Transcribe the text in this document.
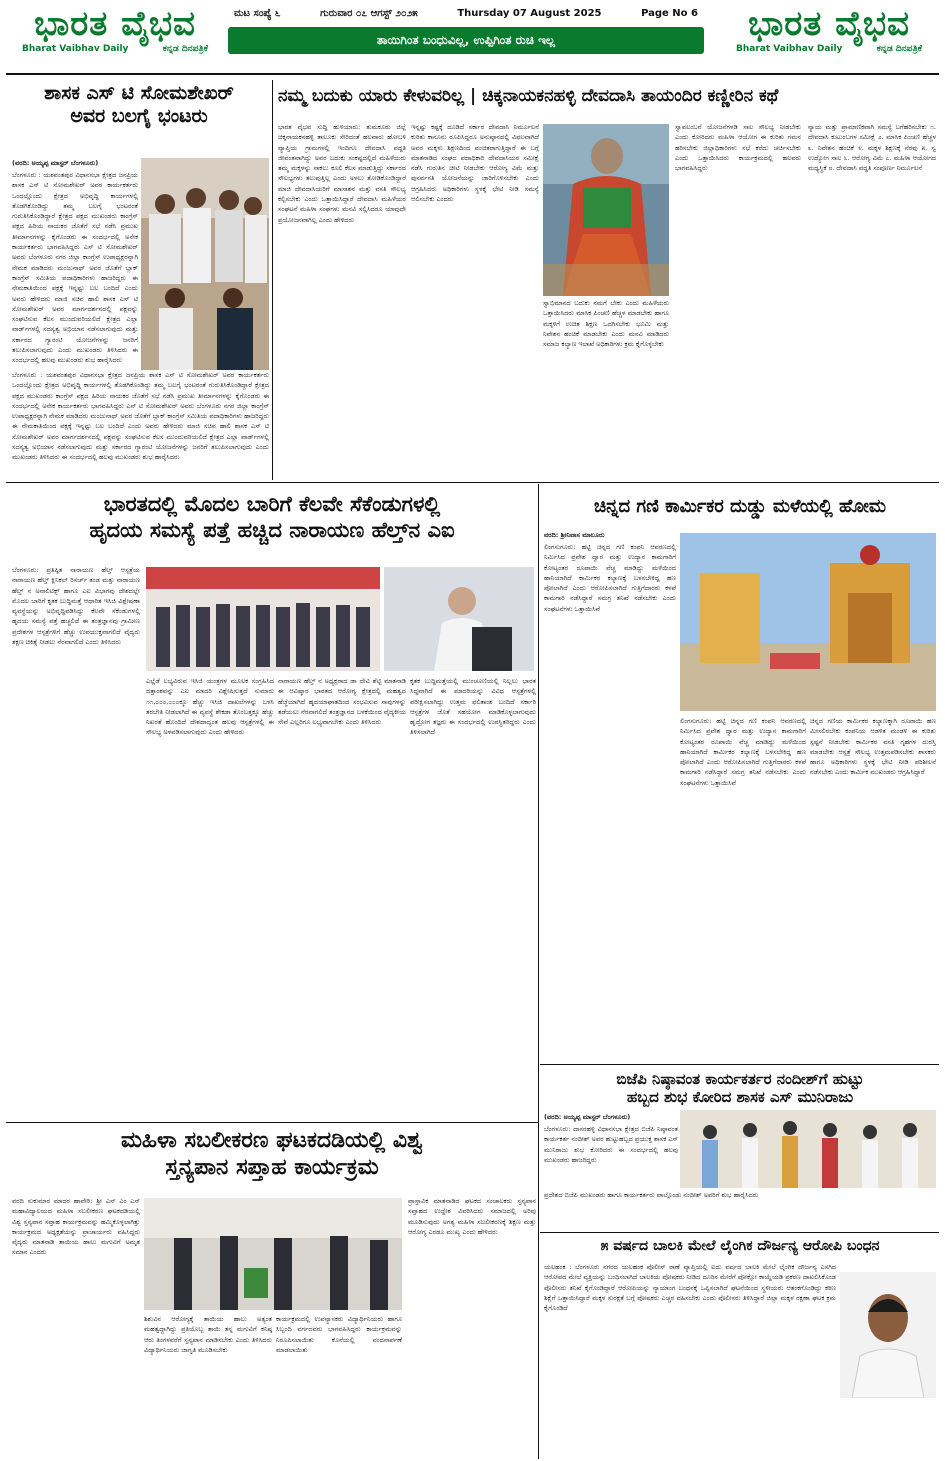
ಭಾರತ ವೈಭವ
Bharat Vaibhav Daily	ಕನ್ನಡ ದಿನಪತ್ರಿಕೆ
ಮಟ ಸಂಪ್ಯೆ ೬	ಗುರುವಾರ ೦೭ ಆಗಸ್ಟ್ ೨೦೨೫	Thursday 07 August 2025	Page No 6
ತಾಯಿಗಿಂತ ಬಂಧುವಿಲ್ಲ, ಉಪ್ಪಿಗಿಂತ ರುಚಿ ಇಲ್ಲ	ಭಾರತ ವೈಭವ
Bharat Vaibhav Daily	ಕನ್ನಡ ದಿನಪತ್ರಿಕೆ
ಶಾಸಕ ಎಸ್ ಟಿ ಸೋಮಶೇಖರ್
ಅವರ ಬಲಗೈ ಭಂಟರು
(ವರದಿ: ಅಯ್ಯಪ್ಪ ಮಾಸ್ಟರ್ ಬೆಂಗಳೂರು)

ಬೆಂಗಳೂರು : ಯಶವಂತಪುರ ವಿಧಾನಸಭಾ ಕ್ಷೇತ್ರದ ಜನಪ್ರಿಯ ಶಾಸಕ ಎಸ್ ಟಿ ಸೋಮಶೇಖರ್ ಅವರ ಕಾರ್ಯಕರ್ತರು ಒಂದಲ್ಲೊಂದು ಕ್ಷೇತ್ರದ ಅಭಿವೃದ್ಧಿ ಕಾರ್ಯಗಳಲ್ಲಿ ತೊಡಗಿಕೊಂಡಿದ್ದು ತಮ್ಮ ಬಲಗೈ ಭಂಟರಂತೆ ಗುರುತಿಸಿಕೊಂಡಿದ್ದಾರೆ ಕ್ಷೇತ್ರದ ಪಕ್ಷದ ಮುಖಂಡರು ಕಾಂಗ್ರೆಸ್ ಪಕ್ಷದ ಹಿರಿಯ ನಾಯಕರ ಜೊತೆಗೆ ಸಭೆ ನಡೆಸಿ ಪ್ರಮುಖ ತೀರ್ಮಾನಗಳನ್ನು ಕೈಗೊಂಡರು ಈ ಸಂದರ್ಭದಲ್ಲಿ ಅನೇಕ ಕಾರ್ಯಕರ್ತರು ಭಾಗವಹಿಸಿದ್ದರು ಎಸ್ ಟಿ ಸೋಮಶೇಖರ್ ಅವರು ಬೆಂಗಳೂರು ನಗರ ಜಿಲ್ಲಾ ಕಾಂಗ್ರೆಸ್ ಉಪಾಧ್ಯಕ್ಷರನ್ನಾಗಿ ನೇಮಕ ಮಾಡಿದರು ಮಂಜುನಾಥ್ ಅವರ ಜೊತೆಗೆ ಬ್ಲಾಕ್ ಕಾಂಗ್ರೆಸ್ ಸಮಿತಿಯ ಪದಾಧಿಕಾರಿಗಳು ಹಾಜರಿದ್ದರು ಈ ನೇಮಕಾತಿಯಿಂದ ಪಕ್ಷಕ್ಕೆ ಇನ್ನಷ್ಟು ಬಲ ಬಂದಿದೆ ಎಂದು ಅವರು ಹೇಳಿದರು ಮಾಜಿ ಸಚಿವ ಹಾಲಿ ಶಾಸಕ ಎಸ್ ಟಿ ಸೋಮಶೇಖರ್ ಅವರ ಮಾರ್ಗದರ್ಶನದಲ್ಲಿ ಪಕ್ಷವನ್ನು ಸಂಘಟಿಸುವ ಕೆಲಸ ಮುಂದುವರಿಯಲಿದೆ ಕ್ಷೇತ್ರದ ಎಲ್ಲಾ ವಾರ್ಡ್‌ಗಳಲ್ಲಿ ಸದಸ್ಯತ್ವ ಅಭಿಯಾನ ನಡೆಸಲಾಗುವುದು ಮತ್ತು ಸರ್ಕಾರದ ಗ್ಯಾರಂಟಿ ಯೋಜನೆಗಳನ್ನು ಜನರಿಗೆ ತಲುಪಿಸಲಾಗುವುದು ಎಂದು ಮುಖಂಡರು ತಿಳಿಸಿದರು ಈ ಸಂದರ್ಭದಲ್ಲಿ ಹಲವು ಮುಖಂಡರು ಶುಭ ಹಾರೈಸಿದರು

ಬೆಂಗಳೂರು : ಯಶವಂತಪುರ ವಿಧಾನಸಭಾ ಕ್ಷೇತ್ರದ ಜನಪ್ರಿಯ ಶಾಸಕ ಎಸ್ ಟಿ ಸೋಮಶೇಖರ್ ಅವರ ಕಾರ್ಯಕರ್ತರು ಒಂದಲ್ಲೊಂದು ಕ್ಷೇತ್ರದ ಅಭಿವೃದ್ಧಿ ಕಾರ್ಯಗಳಲ್ಲಿ ತೊಡಗಿಕೊಂಡಿದ್ದು ತಮ್ಮ ಬಲಗೈ ಭಂಟರಂತೆ ಗುರುತಿಸಿಕೊಂಡಿದ್ದಾರೆ ಕ್ಷೇತ್ರದ ಪಕ್ಷದ ಮುಖಂಡರು ಕಾಂಗ್ರೆಸ್ ಪಕ್ಷದ ಹಿರಿಯ ನಾಯಕರ ಜೊತೆಗೆ ಸಭೆ ನಡೆಸಿ ಪ್ರಮುಖ ತೀರ್ಮಾನಗಳನ್ನು ಕೈಗೊಂಡರು ಈ ಸಂದರ್ಭದಲ್ಲಿ ಅನೇಕ ಕಾರ್ಯಕರ್ತರು ಭಾಗವಹಿಸಿದ್ದರು ಎಸ್ ಟಿ ಸೋಮಶೇಖರ್ ಅವರು ಬೆಂಗಳೂರು ನಗರ ಜಿಲ್ಲಾ ಕಾಂಗ್ರೆಸ್ ಉಪಾಧ್ಯಕ್ಷರನ್ನಾಗಿ ನೇಮಕ ಮಾಡಿದರು ಮಂಜುನಾಥ್ ಅವರ ಜೊತೆಗೆ ಬ್ಲಾಕ್ ಕಾಂಗ್ರೆಸ್ ಸಮಿತಿಯ ಪದಾಧಿಕಾರಿಗಳು ಹಾಜರಿದ್ದರು ಈ ನೇಮಕಾತಿಯಿಂದ ಪಕ್ಷಕ್ಕೆ ಇನ್ನಷ್ಟು ಬಲ ಬಂದಿದೆ ಎಂದು ಅವರು ಹೇಳಿದರು ಮಾಜಿ ಸಚಿವ ಹಾಲಿ ಶಾಸಕ ಎಸ್ ಟಿ ಸೋಮಶೇಖರ್ ಅವರ ಮಾರ್ಗದರ್ಶನದಲ್ಲಿ ಪಕ್ಷವನ್ನು ಸಂಘಟಿಸುವ ಕೆಲಸ ಮುಂದುವರಿಯಲಿದೆ ಕ್ಷೇತ್ರದ ಎಲ್ಲಾ ವಾರ್ಡ್‌ಗಳಲ್ಲಿ ಸದಸ್ಯತ್ವ ಅಭಿಯಾನ ನಡೆಸಲಾಗುವುದು ಮತ್ತು ಸರ್ಕಾರದ ಗ್ಯಾರಂಟಿ ಯೋಜನೆಗಳನ್ನು ಜನರಿಗೆ ತಲುಪಿಸಲಾಗುವುದು ಎಂದು ಮುಖಂಡರು ತಿಳಿಸಿದರು ಈ ಸಂದರ್ಭದಲ್ಲಿ ಹಲವು ಮುಖಂಡರು ಶುಭ ಹಾರೈಸಿದರು

ನಮ್ಮ ಬದುಕು ಯಾರು ಕೇಳುವರಿಲ್ಲ | ಚಿಕ್ಕನಾಯಕನಹಳ್ಳಿ ದೇವದಾಸಿ ತಾಯಂದಿರ ಕಣ್ಣೀರಿನ ಕಥೆ

ಭಾರತ ವೈಭವ ಸುದ್ದಿ ಹುಳಿಯಾರು: ತುಮಕೂರು ಜಿಲ್ಲೆ ಚಿಕ್ಕನಾಯಕನಹಳ್ಳಿ ತಾಲೂಕು ಸೇರಿದಂತೆ ಹಲವಾರು ಹೋಬಳಿ ವ್ಯಾಪ್ತಿಯ ಗ್ರಾಮಗಳಲ್ಲಿ ಇಂದಿಗೂ ದೇವದಾಸಿ ಪದ್ಧತಿ ಜೀವಂತವಾಗಿದ್ದು ಅವರ ಬದುಕು ಸಂಕಷ್ಟದಲ್ಲಿದೆ ಮಹಿಳೆಯರು ತಮ್ಮ ಮಕ್ಕಳನ್ನು ಸಾಕಲು ಕೂಲಿ ಕೆಲಸ ಮಾಡುತ್ತಿದ್ದು ಸರ್ಕಾರದ ಸೌಲಭ್ಯಗಳು ತಲುಪುತ್ತಿಲ್ಲ ಎಂದು ಅಳಲು ತೋಡಿಕೊಂಡಿದ್ದಾರೆ ಮಾಜಿ ದೇವದಾಸಿಯರಿಗೆ ಮಾಸಾಶನ ಮತ್ತು ವಸತಿ ಸೌಲಭ್ಯ ಕಲ್ಪಿಸಬೇಕು ಎಂದು ಒತ್ತಾಯಿಸಿದ್ದಾರೆ ದೇವದಾಸಿ ಮಹಿಳೆಯರ ಸಂಘಟನೆ ಮಹಿಳಾ ಸಂಘಗಳು ಮನವಿ ಸಲ್ಲಿಸಿದರೂ ಯಾವುದೇ ಪ್ರಯೋಜನವಾಗಿಲ್ಲ ಎಂದು ಹೇಳಿದರು

ಇನ್ನಷ್ಟು ಕಷ್ಟಕ್ಕೆ ದೂಡಿದೆ ಸರ್ಕಾರ ದೇವದಾಸಿ ನಿರ್ಮೂಲನೆ ಕುರಿತು ಕಾನೂನು ರೂಪಿಸಿದ್ದರೂ ಅನುಷ್ಠಾನದಲ್ಲಿ ವಿಫಲವಾಗಿದೆ ಅವರ ಮಕ್ಕಳು ಶಿಕ್ಷಣದಿಂದ ವಂಚಿತರಾಗುತ್ತಿದ್ದಾರೆ ಈ ಬಗ್ಗೆ ಮಾತನಾಡಿದ ಸಂಘದ ಪದಾಧಿಕಾರಿ ದೇವದಾಸಿಯರ ಸಮೀಕ್ಷೆ ನಡೆಸಿ ಗುರುತಿನ ಚೀಟಿ ನೀಡಬೇಕು ಆರೋಗ್ಯ ವಿಮೆ ಮತ್ತು ಪುನರ್ವಸತಿ ಯೋಜನೆಯನ್ನು ಜಾರಿಗೊಳಿಸಬೇಕು ಎಂದು ಆಗ್ರಹಿಸಿದರು ಅಧಿಕಾರಿಗಳು ಸ್ಥಳಕ್ಕೆ ಭೇಟಿ ನೀಡಿ ಸಮಸ್ಯೆ ಆಲಿಸಬೇಕು ಎಂದರು

ಸ್ವಾಭಿಮಾನದ ಬದುಕು ನಮಗೆ ಬೇಕು ಎಂದು ಮಹಿಳೆಯರು ಒತ್ತಾಯಿಸಿದರು ಮಾಸಿಕ ಪಿಂಚಣಿ ಹೆಚ್ಚಳ ಮಾಡಬೇಕು ಹಾಗೂ ಮಕ್ಕಳಿಗೆ ಉಚಿತ ಶಿಕ್ಷಣ ಒದಗಿಸಬೇಕು ಭೂಮಿ ಮತ್ತು ನಿವೇಶನ ಹಂಚಿಕೆ ಮಾಡಬೇಕು ಎಂದು ಮನವಿ ಮಾಡಿದರು ಸಮಾಜ ಕಲ್ಯಾಣ ಇಲಾಖೆ ಅಧಿಕಾರಿಗಳು ಕ್ರಮ ಕೈಗೊಳ್ಳಬೇಕು

ಸ್ವಾವಲಂಬನೆ ಯೋಜನೆಗಳಡಿ ಸಾಲ ಸೌಲಭ್ಯ ನೀಡಬೇಕು ಎಂದು ಕೋರಿದರು ಮಹಿಳಾ ಆಯೋಗ ಈ ಕುರಿತು ಗಮನ ಹರಿಸಬೇಕು ಜಿಲ್ಲಾಧಿಕಾರಿಗಳು ಸಭೆ ಕರೆದು ಚರ್ಚಿಸಬೇಕು ಎಂದು ಒತ್ತಾಯಿಸಿದರು ಕಾರ್ಯಕ್ರಮದಲ್ಲಿ ಹಲವರು ಭಾಗವಹಿಸಿದ್ದರು

ನ್ಯಾಯ ಮತ್ತು ಪ್ರಾಮಾಣಿಕವಾಗಿ ಸಮಸ್ಯೆ ಬಗೆಹರಿಸಬೇಕು ೧. ದೇವದಾಸಿ ಕುಟುಂಬಗಳ ಸಮೀಕ್ಷೆ ೨. ಮಾಸಿಕ ಪಿಂಚಣಿ ಹೆಚ್ಚಳ ೩. ನಿವೇಶನ ಹಂಚಿಕೆ ೪. ಮಕ್ಕಳ ಶಿಕ್ಷಣಕ್ಕೆ ನೆರವು ೫. ಸ್ವ ಉದ್ಯೋಗ ಸಾಲ ೬. ಆರೋಗ್ಯ ವಿಮೆ ೭. ಮಹಿಳಾ ಆಯೋಗದ ಮಧ್ಯಸ್ಥಿಕೆ ೮. ದೇವದಾಸಿ ಪದ್ಧತಿ ಸಂಪೂರ್ಣ ನಿರ್ಮೂಲನೆ

ಭಾರತದಲ್ಲಿ ಮೊದಲ ಬಾರಿಗೆ ಕೆಲವೇ ಸೆಕೆಂಡುಗಳಲ್ಲಿ
ಹೃದಯ ಸಮಸ್ಯೆ ಪತ್ತೆ ಹಚ್ಚಿದ ನಾರಾಯಣ ಹೆಲ್ತ್‌ನ ಎಐ

ಬೆಂಗಳೂರು: ಪ್ರತಿಷ್ಠಿತ ನಾರಾಯಣ ಹೆಲ್ತ್ ಆಸ್ಪತ್ರೆಯ ನಾರಾಯಣ ಹೆಲ್ತ್ ಕ್ಲಿನಿಕಲ್ ರಿಸರ್ಚ್ ತಂಡ ಮತ್ತು ನಾರಾಯಣ ಹೆಲ್ತ್ ನ ಅನಾಲಿಟಿಕ್ಸ್ ಹಾಗೂ ಎಐ ವಿಭಾಗವು ದೇಶದಲ್ಲೇ ಮೊದಲ ಬಾರಿಗೆ ಕೃತಕ ಬುದ್ಧಿಮತ್ತೆ ಆಧಾರಿತ ಇಸಿಜಿ ವಿಶ್ಲೇಷಣಾ ವ್ಯವಸ್ಥೆಯನ್ನು ಅಭಿವೃದ್ಧಿಪಡಿಸಿದ್ದು ಕೆಲವೇ ಸೆಕೆಂಡುಗಳಲ್ಲಿ ಹೃದಯ ಸಮಸ್ಯೆ ಪತ್ತೆ ಹಚ್ಚಲಿದೆ ಈ ತಂತ್ರಜ್ಞಾನವು ಗ್ರಾಮೀಣ ಪ್ರದೇಶಗಳ ಆಸ್ಪತ್ರೆಗಳಿಗೆ ಹೆಚ್ಚು ಉಪಯುಕ್ತವಾಗಲಿದೆ ವೈದ್ಯರು ತಕ್ಷಣ ಚಿಕಿತ್ಸೆ ನೀಡಲು ನೆರವಾಗಲಿದೆ ಎಂದು ತಿಳಿಸಿದರು

ಎಲ್ಲೆಡೆ ಲಭ್ಯವಿರುವ ಇಸಿಜಿ ಯಂತ್ರಗಳ ಮೂಲಕ ಸಂಗ್ರಹಿಸಿದ ದತ್ತಾಂಶವನ್ನು ಎಐ ಮಾದರಿ ವಿಶ್ಲೇಷಿಸುತ್ತದೆ ಸುಮಾರು ೧೧,೦೦೦,೦೦೦ಕ್ಕೂ ಹೆಚ್ಚು ಇಸಿಜಿ ದಾಖಲೆಗಳನ್ನು ಬಳಸಿ ತರಬೇತಿ ನೀಡಲಾಗಿದೆ ಈ ವ್ಯವಸ್ಥೆ ಶೇಕಡಾ ತೊಂಬತ್ತಕ್ಕೂ ಹೆಚ್ಚು ನಿಖರತೆ ಹೊಂದಿದೆ ದೇಶದಾದ್ಯಂತ ಹಲವು ಆಸ್ಪತ್ರೆಗಳಲ್ಲಿ ಈ ಸೌಲಭ್ಯ ಅಳವಡಿಸಲಾಗುವುದು ಎಂದು ಹೇಳಿದರು

ನಾರಾಯಣ ಹೆಲ್ತ್ ನ ಅಧ್ಯಕ್ಷರಾದ ಡಾ ದೇವಿ ಶೆಟ್ಟಿ ಮಾತನಾಡಿ ಈ ಆವಿಷ್ಕಾರ ಭಾರತದ ಆರೋಗ್ಯ ಕ್ಷೇತ್ರದಲ್ಲಿ ಮಹತ್ವದ ಹೆಜ್ಜೆಯಾಗಿದೆ ಹೃದಯಾಘಾತದಿಂದ ಸಂಭವಿಸುವ ಸಾವುಗಳನ್ನು ತಡೆಯಲು ನೆರವಾಗಲಿದೆ ತಂತ್ರಜ್ಞಾನದ ಬಳಕೆಯಿಂದ ವೈದ್ಯಕೀಯ ಸೇವೆ ಎಲ್ಲರಿಗೂ ಲಭ್ಯವಾಗಬೇಕು ಎಂದು ತಿಳಿಸಿದರು

ಕೃತಕ ಬುದ್ಧಿಮತ್ತೆಯಲ್ಲಿ ಮುಂಚೂಣಿಯಲ್ಲಿ ನಿಲ್ಲಲು ಭಾರತ ಸಿದ್ಧವಾಗಿದೆ ಈ ಮಾದರಿಯನ್ನು ವಿವಿಧ ಆಸ್ಪತ್ರೆಗಳಲ್ಲಿ ಪರೀಕ್ಷಿಸಲಾಗಿದ್ದು ಉತ್ತಮ ಫಲಿತಾಂಶ ಬಂದಿದೆ ಸರ್ಕಾರಿ ಆಸ್ಪತ್ರೆಗಳ ಜೊತೆ ಸಹಯೋಗ ಮಾಡಿಕೊಳ್ಳಲಾಗುವುದು ಹೃದ್ರೋಗ ತಜ್ಞರು ಈ ಸಂದರ್ಭದಲ್ಲಿ ಉಪಸ್ಥಿತರಿದ್ದರು ಎಂದು ತಿಳಿಸಲಾಗಿದೆ

ಚಿನ್ನದ ಗಣಿ ಕಾರ್ಮಿಕರ ದುಡ್ಡು ಮಳೆಯಲ್ಲಿ ಹೋಮ
ವರದಿ: ಶ್ರೀನಿವಾಸ ಮಾಲೂರು

ಲಿಂಗಸುಗೂರು: ಹಟ್ಟಿ ಚಿನ್ನದ ಗಣಿ ಕಂಪನಿ ಆವರಣದಲ್ಲಿ ನಿರ್ಮಿಸಿದ ಪ್ರವೇಶ ದ್ವಾರ ಮತ್ತು ಉದ್ಯಾನ ಕಾಮಗಾರಿಗೆ ಕೋಟ್ಯಂತರ ರೂಪಾಯಿ ವೆಚ್ಚ ಮಾಡಿದ್ದು ಮಳೆಯಿಂದ ಹಾನಿಯಾಗಿದೆ ಕಾರ್ಮಿಕರ ಕಲ್ಯಾಣಕ್ಕೆ ಬಳಸಬೇಕಿದ್ದ ಹಣ ಪೋಲಾಗಿದೆ ಎಂದು ಆರೋಪಿಸಲಾಗಿದೆ ಗುತ್ತಿಗೆದಾರರು ಕಳಪೆ ಕಾಮಗಾರಿ ನಡೆಸಿದ್ದಾರೆ ಸಮಗ್ರ ತನಿಖೆ ನಡೆಸಬೇಕು ಎಂದು ಸಂಘಟನೆಗಳು ಒತ್ತಾಯಿಸಿವೆ

ಲಿಂಗಸುಗೂರು: ಹಟ್ಟಿ ಚಿನ್ನದ ಗಣಿ ಕಂಪನಿ ಆವರಣದಲ್ಲಿ ನಿರ್ಮಿಸಿದ ಪ್ರವೇಶ ದ್ವಾರ ಮತ್ತು ಉದ್ಯಾನ ಕಾಮಗಾರಿಗೆ ಕೋಟ್ಯಂತರ ರೂಪಾಯಿ ವೆಚ್ಚ ಮಾಡಿದ್ದು ಮಳೆಯಿಂದ ಹಾನಿಯಾಗಿದೆ ಕಾರ್ಮಿಕರ ಕಲ್ಯಾಣಕ್ಕೆ ಬಳಸಬೇಕಿದ್ದ ಹಣ ಪೋಲಾಗಿದೆ ಎಂದು ಆರೋಪಿಸಲಾಗಿದೆ ಗುತ್ತಿಗೆದಾರರು ಕಳಪೆ ಕಾಮಗಾರಿ ನಡೆಸಿದ್ದಾರೆ ಸಮಗ್ರ ತನಿಖೆ ನಡೆಸಬೇಕು ಎಂದು ಸಂಘಟನೆಗಳು ಒತ್ತಾಯಿಸಿವೆ

ಚಿನ್ನದ ಗಣಿಯ ಕಾರ್ಮಿಕರ ಕಲ್ಯಾಣಕ್ಕಾಗಿ ರೂಪಾಯಿ ಹಣ ಮೀಸಲಿರಬೇಕು ಕಂಪನಿಯ ಆಡಳಿತ ಮಂಡಳಿ ಈ ಕುರಿತು ಸ್ಪಷ್ಟನೆ ನೀಡಬೇಕು ಕಾರ್ಮಿಕರ ವಸತಿ ಗೃಹಗಳ ದುರಸ್ತಿ ಮಾಡಬೇಕು ಆಸ್ಪತ್ರೆ ಸೌಲಭ್ಯ ಉತ್ತಮಪಡಿಸಬೇಕು ಶಾಸಕರು ಹಾಗೂ ಅಧಿಕಾರಿಗಳು ಸ್ಥಳಕ್ಕೆ ಭೇಟಿ ನೀಡಿ ಪರಿಶೀಲನೆ ನಡೆಸಬೇಕು ಎಂದು ಕಾರ್ಮಿಕ ಮುಖಂಡರು ಆಗ್ರಹಿಸಿದ್ದಾರೆ

ಬಿಜೆಪಿ ನಿಷ್ಠಾವಂತ ಕಾರ್ಯಕರ್ತರ ನಂದೀಶ್‌ಗೆ ಹುಟ್ಟು
ಹಬ್ಬದ ಶುಭ ಕೋರಿದ ಶಾಸಕ ಎಸ್ ಮುನಿರಾಜು
(ವರದಿ: ಅಯ್ಯಪ್ಪ ಮಾಸ್ಟರ್ ಬೆಂಗಳೂರು)

ಬೆಂಗಳೂರು: ದಾಸರಹಳ್ಳಿ ವಿಧಾನಸಭಾ ಕ್ಷೇತ್ರದ ಬಿಜೆಪಿ ನಿಷ್ಠಾವಂತ ಕಾರ್ಯಕರ್ತ ನಂದೀಶ್ ಅವರ ಹುಟ್ಟುಹಬ್ಬದ ಪ್ರಯುಕ್ತ ಶಾಸಕ ಎಸ್ ಮುನಿರಾಜು ಶುಭ ಕೋರಿದರು ಈ ಸಂದರ್ಭದಲ್ಲಿ ಹಲವು ಮುಖಂಡರು ಹಾಜರಿದ್ದರು

ಪ್ರದೇಶದ ಬಿಜೆಪಿ ಮುಖಂಡರು ಹಾಗೂ ಕಾರ್ಯಕರ್ತರು ಪಾಲ್ಗೊಂಡು ನಂದೀಶ್ ಅವರಿಗೆ ಶುಭ ಹಾರೈಸಿದರು

೫ ವರ್ಷದ ಬಾಲಕಿ ಮೇಲೆ ಲೈಂಗಿಕ ದೌರ್ಜನ್ಯ ಆರೋಪಿ ಬಂಧನ

ಯಲಹಂಕ : ಬೆಂಗಳೂರು ನಗರದ ಯಲಹಂಕ ಪೊಲೀಸ್ ಠಾಣೆ ವ್ಯಾಪ್ತಿಯಲ್ಲಿ ಐದು ವರ್ಷದ ಬಾಲಕಿ ಮೇಲೆ ಲೈಂಗಿಕ ದೌರ್ಜನ್ಯ ಎಸಗಿದ ಆರೋಪದ ಮೇಲೆ ವ್ಯಕ್ತಿಯನ್ನು ಬಂಧಿಸಲಾಗಿದೆ ಬಾಲಕಿಯ ಪೋಷಕರು ನೀಡಿದ ದೂರಿನ ಮೇರೆಗೆ ಪೋಕ್ಸೋ ಕಾಯ್ದೆಯಡಿ ಪ್ರಕರಣ ದಾಖಲಿಸಿಕೊಂಡ ಪೊಲೀಸರು ತನಿಖೆ ಕೈಗೊಂಡಿದ್ದಾರೆ ಆರೋಪಿಯನ್ನು ನ್ಯಾಯಾಂಗ ಬಂಧನಕ್ಕೆ ಒಪ್ಪಿಸಲಾಗಿದೆ ಘಟನೆಯಿಂದ ಸ್ಥಳೀಯರು ಆತಂಕಗೊಂಡಿದ್ದು ಕಠಿಣ ಶಿಕ್ಷೆಗೆ ಒತ್ತಾಯಿಸಿದ್ದಾರೆ ಮಕ್ಕಳ ಸುರಕ್ಷತೆ ಬಗ್ಗೆ ಪೋಷಕರು ಎಚ್ಚರ ವಹಿಸಬೇಕು ಎಂದು ಪೊಲೀಸರು ತಿಳಿಸಿದ್ದಾರೆ ಜಿಲ್ಲಾ ಮಕ್ಕಳ ರಕ್ಷಣಾ ಘಟಕ ಕ್ರಮ ಕೈಗೊಂಡಿದೆ

ಮಹಿಳಾ ಸಬಲೀಕರಣ ಘಟಕದಡಿಯಲ್ಲಿ ವಿಶ್ವ
ಸ್ತನ್ಯಪಾನ ಸಪ್ತಾಹ ಕಾರ್ಯಕ್ರಮ

ವರದಿ ಸುಕುಮಾರ ಮಾದರ ಹಾವೇರಿ: ಶ್ರೀ ಎಸ್ ಎಂ ಎಸ್ ಮಹಾವಿದ್ಯಾಲಯದ ಮಹಿಳಾ ಸಬಲೀಕರಣ ಘಟಕದಡಿಯಲ್ಲಿ ವಿಶ್ವ ಸ್ತನ್ಯಪಾನ ಸಪ್ತಾಹ ಕಾರ್ಯಕ್ರಮವನ್ನು ಹಮ್ಮಿಕೊಳ್ಳಲಾಗಿತ್ತು ಕಾರ್ಯಕ್ರಮದ ಅಧ್ಯಕ್ಷತೆಯನ್ನು ಪ್ರಾಚಾರ್ಯರು ವಹಿಸಿದ್ದರು ವೈದ್ಯರು ಮಾತನಾಡಿ ತಾಯಿಯ ಹಾಲು ಮಗುವಿಗೆ ಅಮೃತ ಸಮಾನ ಎಂದರು

ಶಿಶುವಿನ ಆರೋಗ್ಯಕ್ಕೆ ತಾಯಿಯ ಹಾಲು ಅತ್ಯಂತ ಮಹತ್ವದ್ದಾಗಿದ್ದು ಪ್ರತಿಯೊಬ್ಬ ತಾಯಿ ತನ್ನ ಮಗುವಿಗೆ ಕನಿಷ್ಠ ಆರು ತಿಂಗಳವರೆಗೆ ಸ್ತನ್ಯಪಾನ ಮಾಡಿಸಬೇಕು ಎಂದು ತಿಳಿಸಿದರು ವಿದ್ಯಾರ್ಥಿನಿಯರು ಜಾಗೃತಿ ಮೂಡಿಸಬೇಕು

ಕಾರ್ಯಕ್ರಮದಲ್ಲಿ ಉಪನ್ಯಾಸಕರು ವಿದ್ಯಾರ್ಥಿನಿಯರು ಹಾಗೂ ಸಿಬ್ಬಂದಿ ವರ್ಗದವರು ಭಾಗವಹಿಸಿದ್ದರು ಕಾರ್ಯಕ್ರಮವನ್ನು ನಿರೂಪಿಸಲಾಯಿತು ಕೊನೆಯಲ್ಲಿ ವಂದನಾರ್ಪಣೆ ಮಾಡಲಾಯಿತು

ಪ್ರಾಸ್ತಾವಿಕ ಮಾತನಾಡಿದ ಘಟಕದ ಸಂಚಾಲಕರು ಸ್ತನ್ಯಪಾನ ಸಪ್ತಾಹದ ಉದ್ದೇಶ ವಿವರಿಸಿದರು ಸಮಾಜದಲ್ಲಿ ಅರಿವು ಮೂಡಿಸುವುದು ಅಗತ್ಯ ಮಹಿಳಾ ಸಬಲೀಕರಣಕ್ಕೆ ಶಿಕ್ಷಣ ಮತ್ತು ಆರೋಗ್ಯ ಎರಡೂ ಮುಖ್ಯ ಎಂದು ಹೇಳಿದರು
